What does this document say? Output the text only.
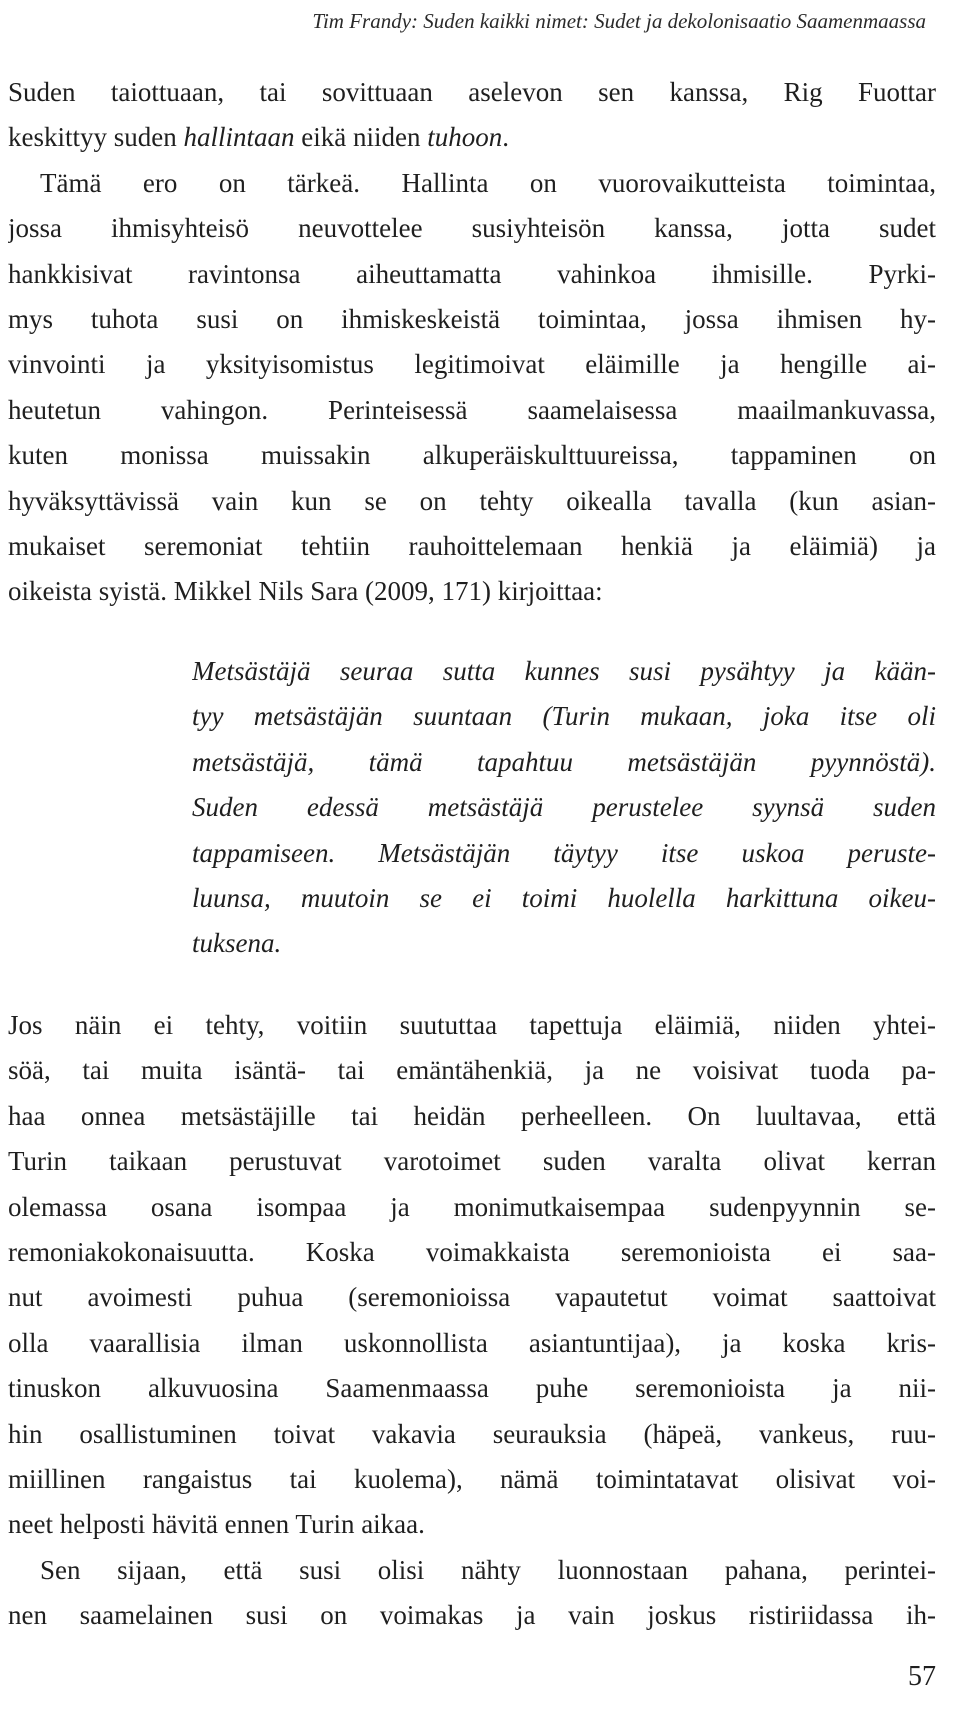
Tim Frandy: Suden kaikki nimet: Sudet ja dekolonisaatio Saamenmaassa
Suden taiottuaan, tai sovittuaan aselevon sen kanssa, Rig Fuottar
keskittyy suden hallintaan eikä niiden tuhoon.
Tämä ero on tärkeä. Hallinta on vuorovaikutteista toimintaa,
jossa ihmisyhteisö neuvottelee susiyhteisön kanssa, jotta sudet
hankkisivat ravintonsa aiheuttamatta vahinkoa ihmisille. Pyrki-
mys tuhota susi on ihmiskeskeistä toimintaa, jossa ihmisen hy-
vinvointi ja yksityisomistus legitimoivat eläimille ja hengille ai-
heutetun vahingon. Perinteisessä saamelaisessa maailmankuvassa,
kuten monissa muissakin alkuperäiskulttuureissa, tappaminen on
hyväksyttävissä vain kun se on tehty oikealla tavalla (kun asian-
mukaiset seremoniat tehtiin rauhoittelemaan henkiä ja eläimiä) ja
oikeista syistä. Mikkel Nils Sara (2009, 171) kirjoittaa:
Metsästäjä seuraa sutta kunnes susi pysähtyy ja kään-
tyy metsästäjän suuntaan (Turin mukaan, joka itse oli
metsästäjä, tämä tapahtuu metsästäjän pyynnöstä).
Suden edessä metsästäjä perustelee syynsä suden
tappamiseen. Metsästäjän täytyy itse uskoa peruste-
luunsa, muutoin se ei toimi huolella harkittuna oikeu-
tuksena.
Jos näin ei tehty, voitiin suututtaa tapettuja eläimiä, niiden yhtei-
söä, tai muita isäntä- tai emäntähenkiä, ja ne voisivat tuoda pa-
haa onnea metsästäjille tai heidän perheelleen. On luultavaa, että
Turin taikaan perustuvat varotoimet suden varalta olivat kerran
olemassa osana isompaa ja monimutkaisempaa sudenpyynnin se-
remoniakokonaisuutta. Koska voimakkaista seremonioista ei saa-
nut avoimesti puhua (seremonioissa vapautetut voimat saattoivat
olla vaarallisia ilman uskonnollista asiantuntijaa), ja koska kris-
tinuskon alkuvuosina Saamenmaassa puhe seremonioista ja nii-
hin osallistuminen toivat vakavia seurauksia (häpeä, vankeus, ruu-
miillinen rangaistus tai kuolema), nämä toimintatavat olisivat voi-
neet helposti hävitä ennen Turin aikaa.
Sen sijaan, että susi olisi nähty luonnostaan pahana, perintei-
nen saamelainen susi on voimakas ja vain joskus ristiriidassa ih-
57
